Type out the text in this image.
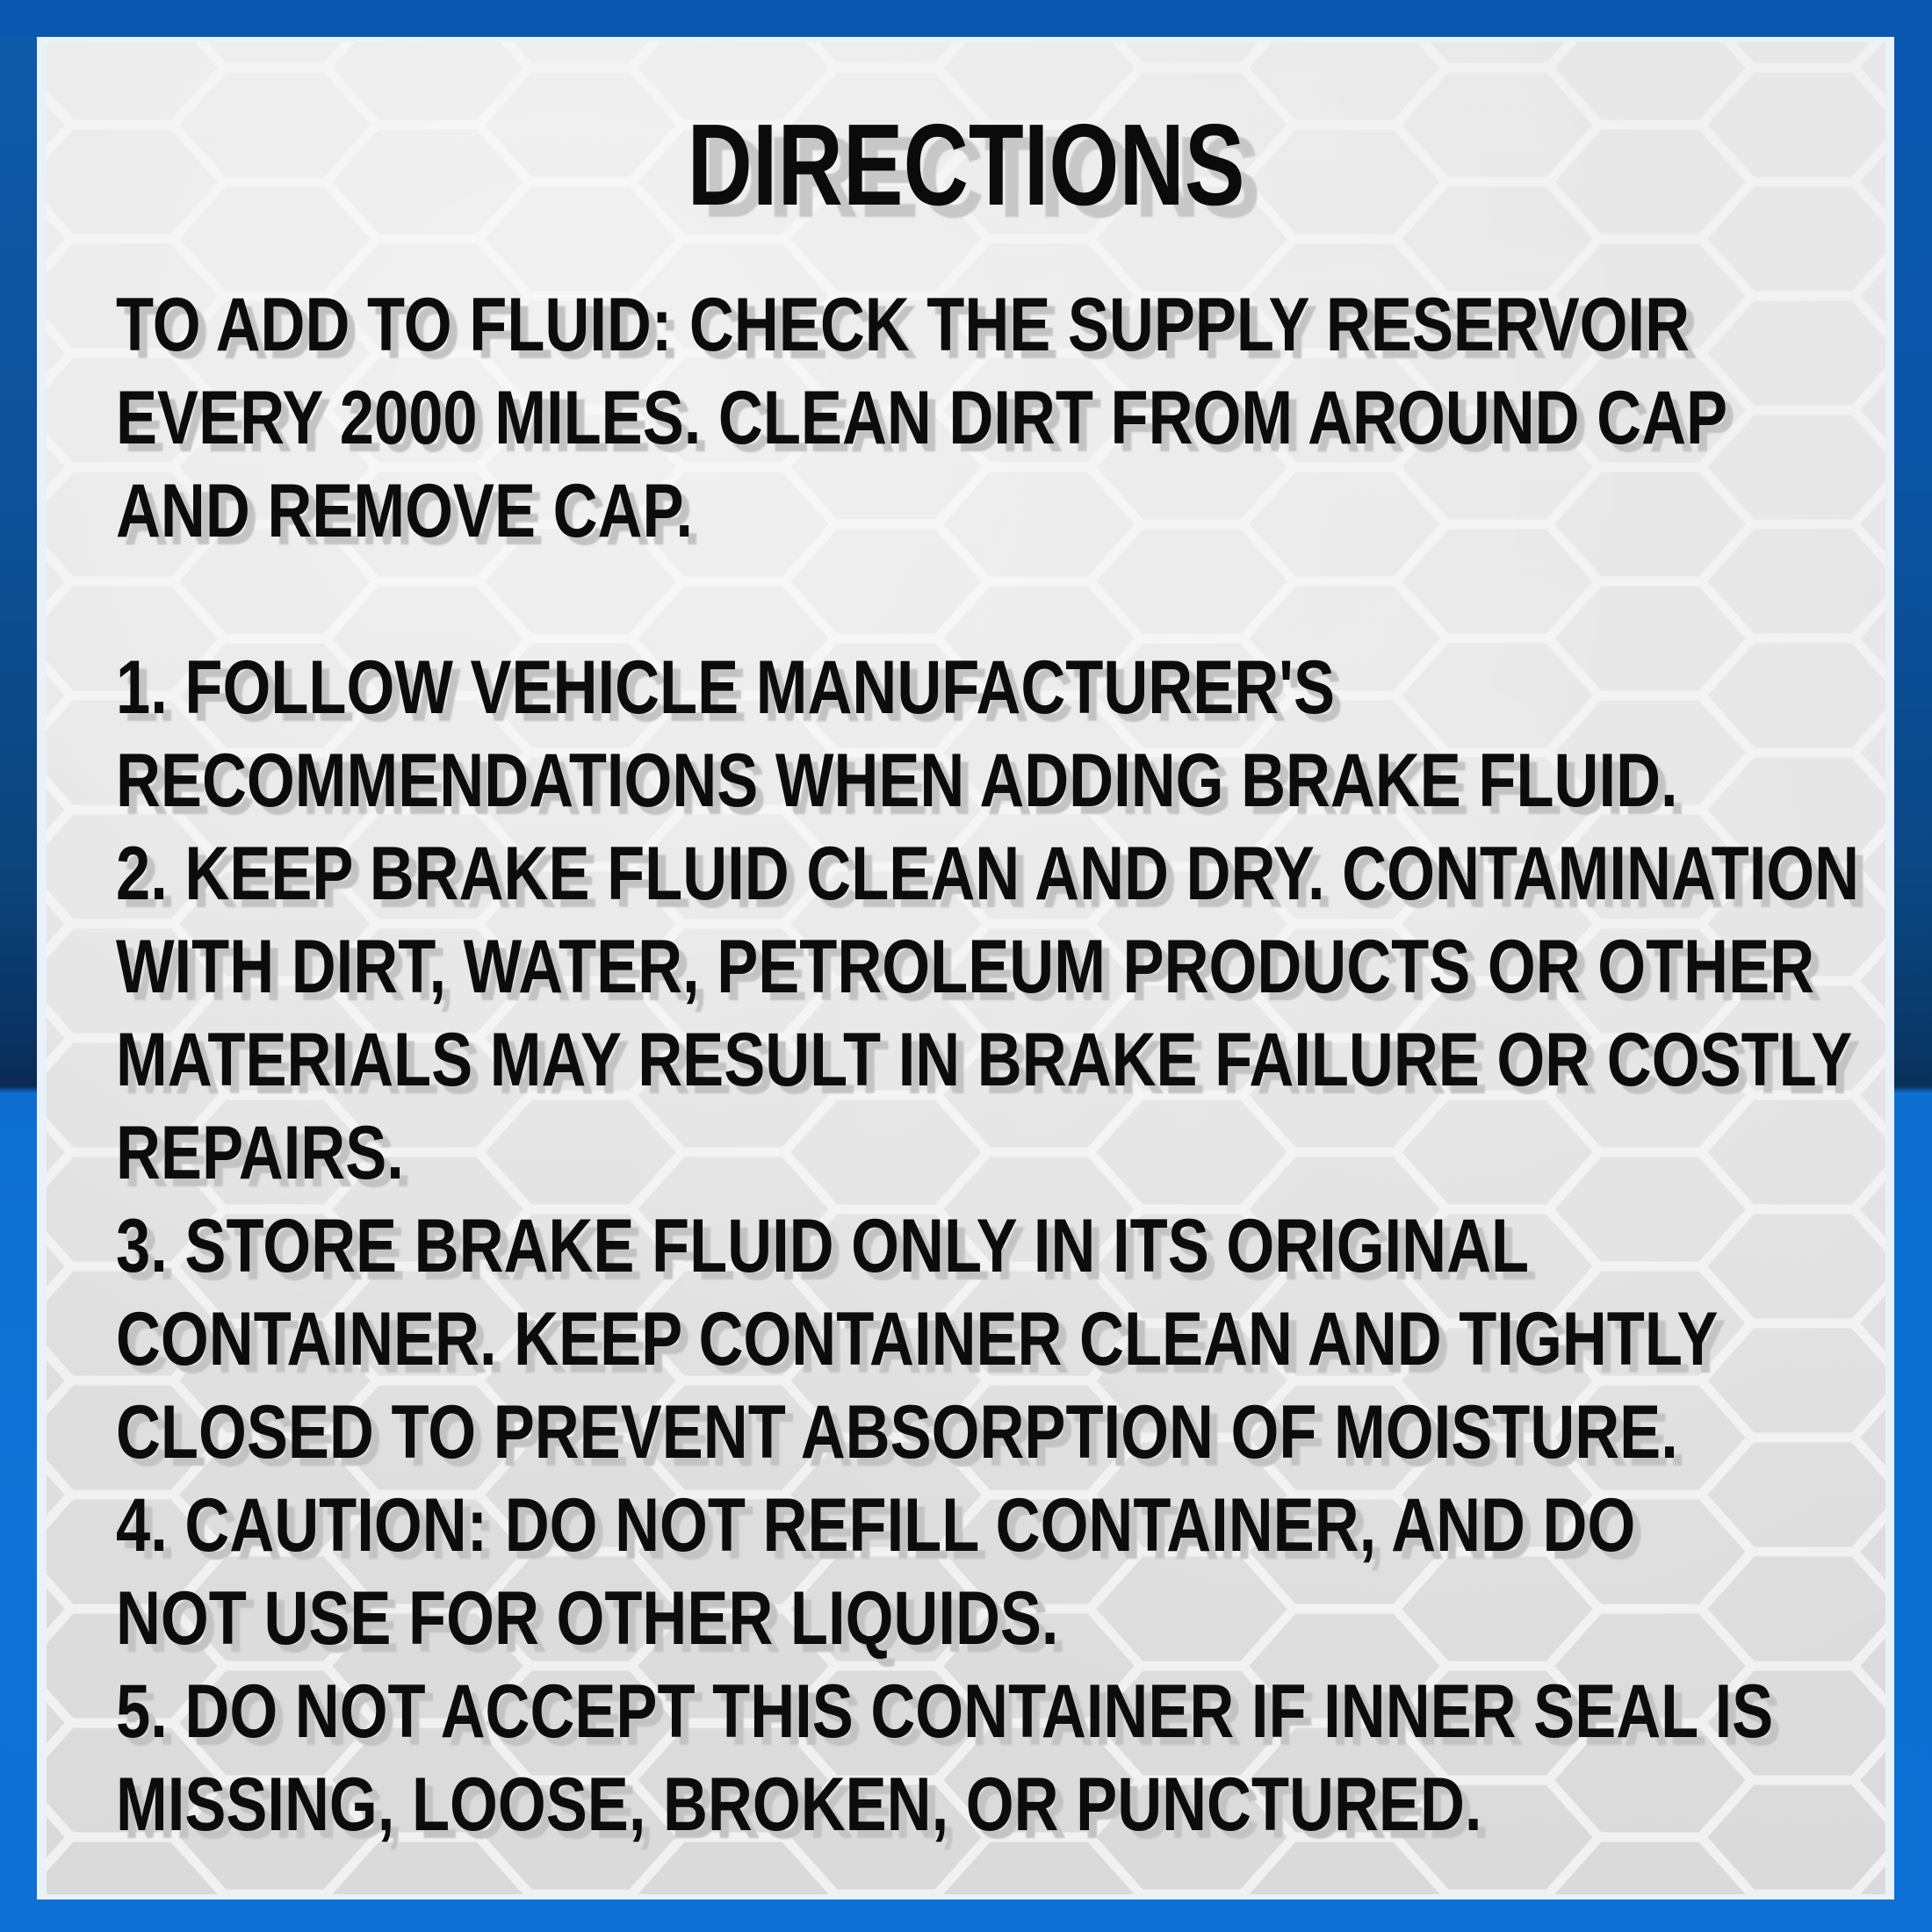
DIRECTIONS
TO ADD TO FLUID: CHECK THE SUPPLY RESERVOIR
EVERY 2000 MILES. CLEAN DIRT FROM AROUND CAP
AND REMOVE CAP.
1. FOLLOW VEHICLE MANUFACTURER'S
RECOMMENDATIONS WHEN ADDING BRAKE FLUID.
2. KEEP BRAKE FLUID CLEAN AND DRY. CONTAMINATION
WITH DIRT, WATER, PETROLEUM PRODUCTS OR OTHER
MATERIALS MAY RESULT IN BRAKE FAILURE OR COSTLY
REPAIRS.
3. STORE BRAKE FLUID ONLY IN ITS ORIGINAL
CONTAINER. KEEP CONTAINER CLEAN AND TIGHTLY
CLOSED TO PREVENT ABSORPTION OF MOISTURE.
4. CAUTION: DO NOT REFILL CONTAINER, AND DO
NOT USE FOR OTHER LIQUIDS.
5. DO NOT ACCEPT THIS CONTAINER IF INNER SEAL IS
MISSING, LOOSE, BROKEN, OR PUNCTURED.
